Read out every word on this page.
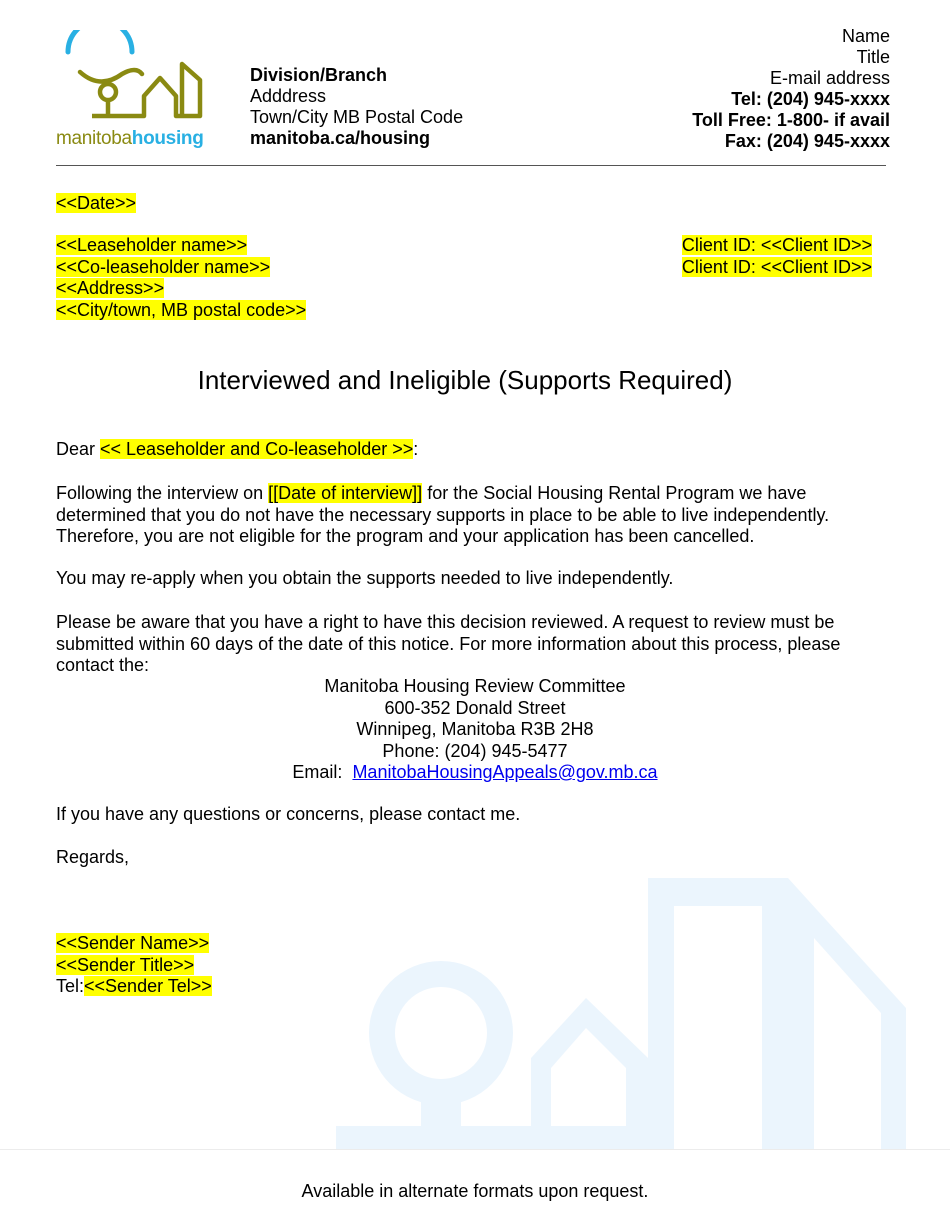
manitobahousing
Division/Branch
Adddress
Town/City MB Postal Code
manitoba.ca/housing
Name
Title
E-mail address
Tel: (204) 945-xxxx
Toll Free: 1-800- if avail
Fax: (204) 945-xxxx
<<Date>>
<<Leaseholder name>>
<<Co-leaseholder name>>
<<Address>>
<<City/town, MB postal code>>
Client ID: <<Client ID>>
Client ID: <<Client ID>>
Interviewed and Ineligible (Supports Required)
Dear << Leaseholder and Co-leaseholder >>:
Following the interview on [[Date of interview]] for the Social Housing Rental Program we have determined that you do not have the necessary supports in place to be able to live independently. Therefore, you are not eligible for the program and your application has been cancelled.
You may re-apply when you obtain the supports needed to live independently.
Please be aware that you have a right to have this decision reviewed. A request to review must be submitted within 60 days of the date of this notice. For more information about this process, please contact the:
Manitoba Housing Review Committee
600-352 Donald Street
Winnipeg, Manitoba R3B 2H8
Phone: (204) 945-5477
Email:  ManitobaHousingAppeals@gov.mb.ca
If you have any questions or concerns, please contact me.
Regards,
<<Sender Name>>
<<Sender Title>>
Tel:<<Sender Tel>>
Available in alternate formats upon request.
